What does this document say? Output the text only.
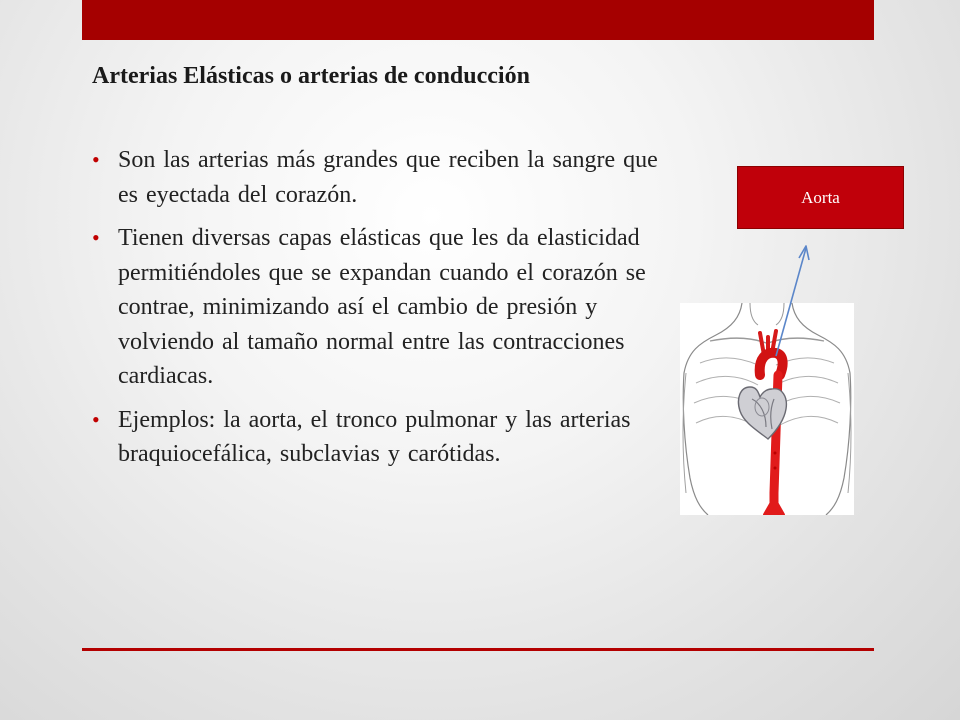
Arterias Elásticas o arterias de conducción
• Son las arterias más grandes que reciben la sangre que es eyectada del corazón.
• Tienen diversas capas elásticas que les da elasticidad permitiéndoles que se expandan cuando el corazón se contrae, minimizando así el cambio de presión y volviendo al tamaño normal entre las contracciones cardiacas.
• Ejemplos: la aorta, el tronco pulmonar y las arterias braquiocefálica, subclavias y carótidas.
Aorta
